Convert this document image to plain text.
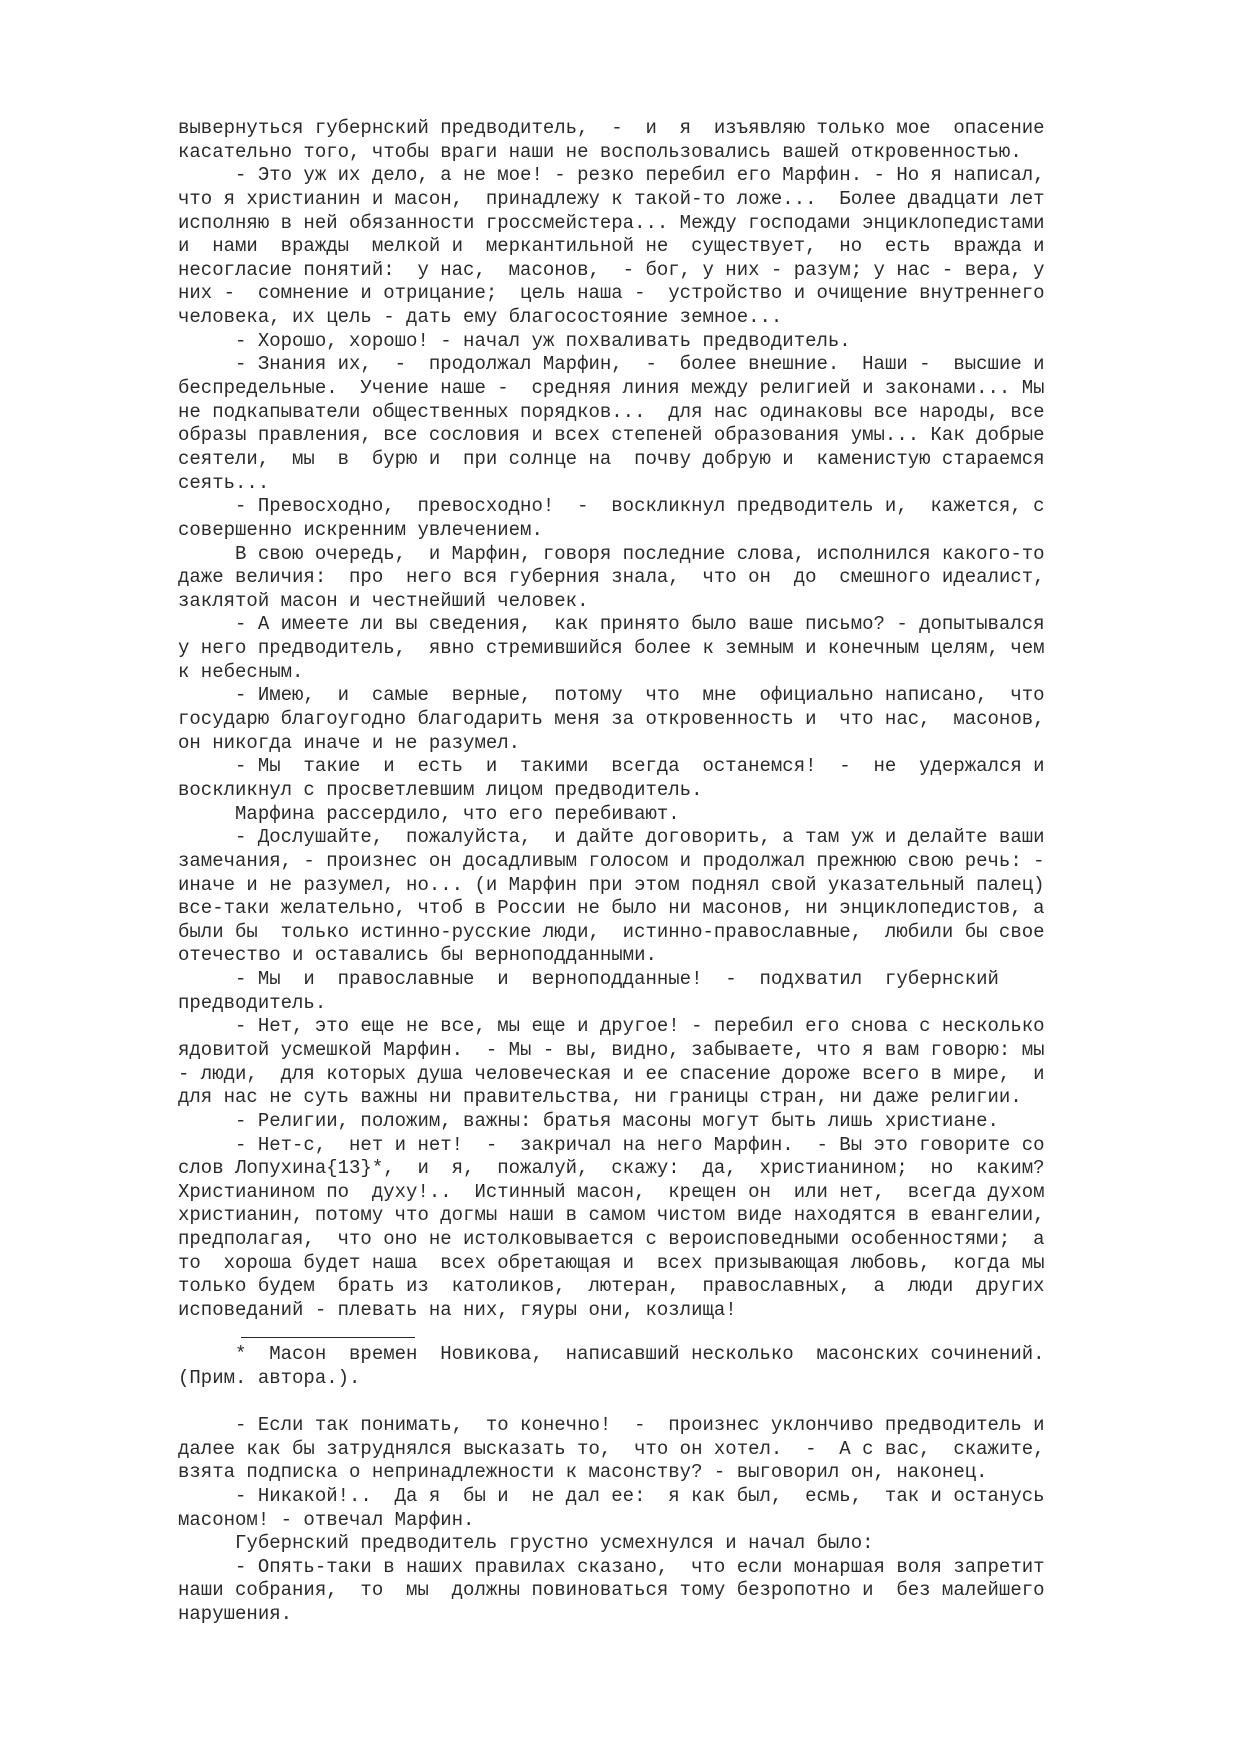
вывернуться губернский предводитель,  -  и  я  изъявляю только мое  опасение
касательно того, чтобы враги наши не воспользовались вашей откровенностью.
- Это уж их дело, а не мое! - резко перебил его Марфин. - Но я написал,
что я христианин и масон,  принадлежу к такой-то ложе...  Более двадцати лет
исполняю в ней обязанности гроссмейстера... Между господами энциклопедистами
и  нами  вражды  мелкой и  меркантильной не  существует,  но  есть  вражда и
несогласие понятий:  у нас,  масонов,  - бог, у них - разум; у нас - вера, у
них -  сомнение и отрицание;  цель наша -  устройство и очищение внутреннего
человека, их цель - дать ему благосостояние земное...
- Хорошо, хорошо! - начал уж похваливать предводитель.
- Знания их,  -  продолжал Марфин,  -  более внешние.  Наши -  высшие и
беспредельные.  Учение наше -  средняя линия между религией и законами... Мы
не подкапыватели общественных порядков...  для нас одинаковы все народы, все
образы правления, все сословия и всех степеней образования умы... Как добрые
сеятели,  мы  в  бурю и  при солнце на  почву добрую и  каменистую стараемся
сеять...
- Превосходно,  превосходно!  -  воскликнул предводитель и,  кажется, с
совершенно искренним увлечением.
В свою очередь,  и Марфин, говоря последние слова, исполнился какого-то
даже величия:  про  него вся губерния знала,  что он  до  смешного идеалист,
заклятой масон и честнейший человек.
- А имеете ли вы сведения,  как принято было ваше письмо? - допытывался
у него предводитель,  явно стремившийся более к земным и конечным целям, чем
к небесным.
- Имею,  и  самые  верные,  потому  что  мне  официально написано,  что
государю благоугодно благодарить меня за откровенность и  что нас,  масонов,
он никогда иначе и не разумел.
- Мы  такие  и  есть  и  такими  всегда  останемся!  -  не  удержался и
воскликнул с просветлевшим лицом предводитель.
Марфина рассердило, что его перебивают.
- Дослушайте,  пожалуйста,  и дайте договорить, а там уж и делайте ваши
замечания, - произнес он досадливым голосом и продолжал прежнюю свою речь: -
иначе и не разумел, но... (и Марфин при этом поднял свой указательный палец)
все-таки желательно, чтоб в России не было ни масонов, ни энциклопедистов, а
были бы  только истинно-русские люди,  истинно-православные,  любили бы свое
отечество и оставались бы верноподданными.
- Мы  и  православные  и  верноподданные!  -  подхватил  губернский
предводитель.
- Нет, это еще не все, мы еще и другое! - перебил его снова с несколько
ядовитой усмешкой Марфин.  - Мы - вы, видно, забываете, что я вам говорю: мы
- люди,  для которых душа человеческая и ее спасение дороже всего в мире,  и
для нас не суть важны ни правительства, ни границы стран, ни даже религии.
- Религии, положим, важны: братья масоны могут быть лишь христиане.
- Нет-с,  нет и нет!  -  закричал на него Марфин.  - Вы это говорите со
слов Лопухина{13}*,  и  я,  пожалуй,  скажу:  да,  христианином;  но  каким?
Христианином по  духу!..  Истинный масон,  крещен он  или нет,  всегда духом
христианин, потому что догмы наши в самом чистом виде находятся в евангелии,
предполагая,  что оно не истолковывается с вероисповедными особенностями;  а
то  хороша будет наша  всех обретающая и  всех призывающая любовь,  когда мы
только будем  брать из  католиков,  лютеран,  православных,  а  люди  других
исповеданий - плевать на них, гяуры они, козлища!
*  Масон  времен  Новикова,  написавший несколько  масонских сочинений.
(Прим. автора.).
- Если так понимать,  то конечно!  -  произнес уклончиво предводитель и
далее как бы затруднялся высказать то,  что он хотел.  -  А с вас,  скажите,
взята подписка о непринадлежности к масонству? - выговорил он, наконец.
- Никакой!..  Да я  бы и  не дал ее:  я как был,  есмь,  так и останусь
масоном! - отвечал Марфин.
Губернский предводитель грустно усмехнулся и начал было:
- Опять-таки в наших правилах сказано,  что если монаршая воля запретит
наши собрания,  то  мы  должны повиноваться тому безропотно и  без малейшего
нарушения.
